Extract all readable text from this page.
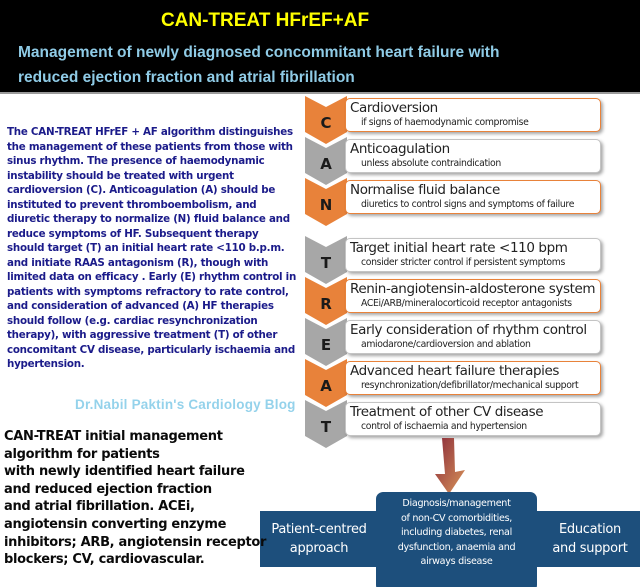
CAN-TREAT HFrEF+AF
Management of newly diagnosed concommitant heart failure with
reduced ejection fraction and atrial fibrillation
The CAN-TREAT HFrEF + AF algorithm distinguishes the management of these patients from those with sinus rhythm. The presence of haemodynamic instability should be treated with urgent cardioversion (C). Anticoagulation (A) should be instituted to prevent thromboembolism, and diuretic therapy to normalize (N) fluid balance and reduce symptoms of HF. Subsequent therapy should target (T) an initial heart rate <110 b.p.m. and initiate RAAS antagonism (R), though with limited data on efficacy . Early (E) rhythm control in patients with symptoms refractory to rate control, and consideration of advanced (A) HF therapies should follow (e.g. cardiac resynchronization therapy), with aggressive treatment (T) of other concomitant CV disease, particularly ischaemia and hypertension.
Dr.Nabil Paktin's Cardiology Blog
CAN-TREAT initial management
algorithm for patients
with newly identified heart failure
and reduced ejection fraction
and atrial fibrillation. ACEi,
angiotensin converting enzyme
inhibitors; ARB, angiotensin receptor
blockers; CV, cardiovascular.
C
Cardioversion
if signs of haemodynamic compromise
A
Anticoagulation
unless absolute contraindication
N
Normalise fluid balance
diuretics to control signs and symptoms of failure
T
Target initial heart rate <110 bpm
consider stricter control if persistent symptoms
R
Renin-angiotensin-aldosterone system
ACEi/ARB/mineralocorticoid receptor antagonists
E
Early consideration of rhythm control
amiodarone/cardioversion and ablation
A
Advanced heart failure therapies
resynchronization/defibrillator/mechanical support
T
Treatment of other CV disease
control of ischaemia and hypertension
Patient-centred
approach
Education
and support
Diagnosis/management
of non-CV comorbidities,
including diabetes, renal
dysfunction, anaemia and
airways disease
